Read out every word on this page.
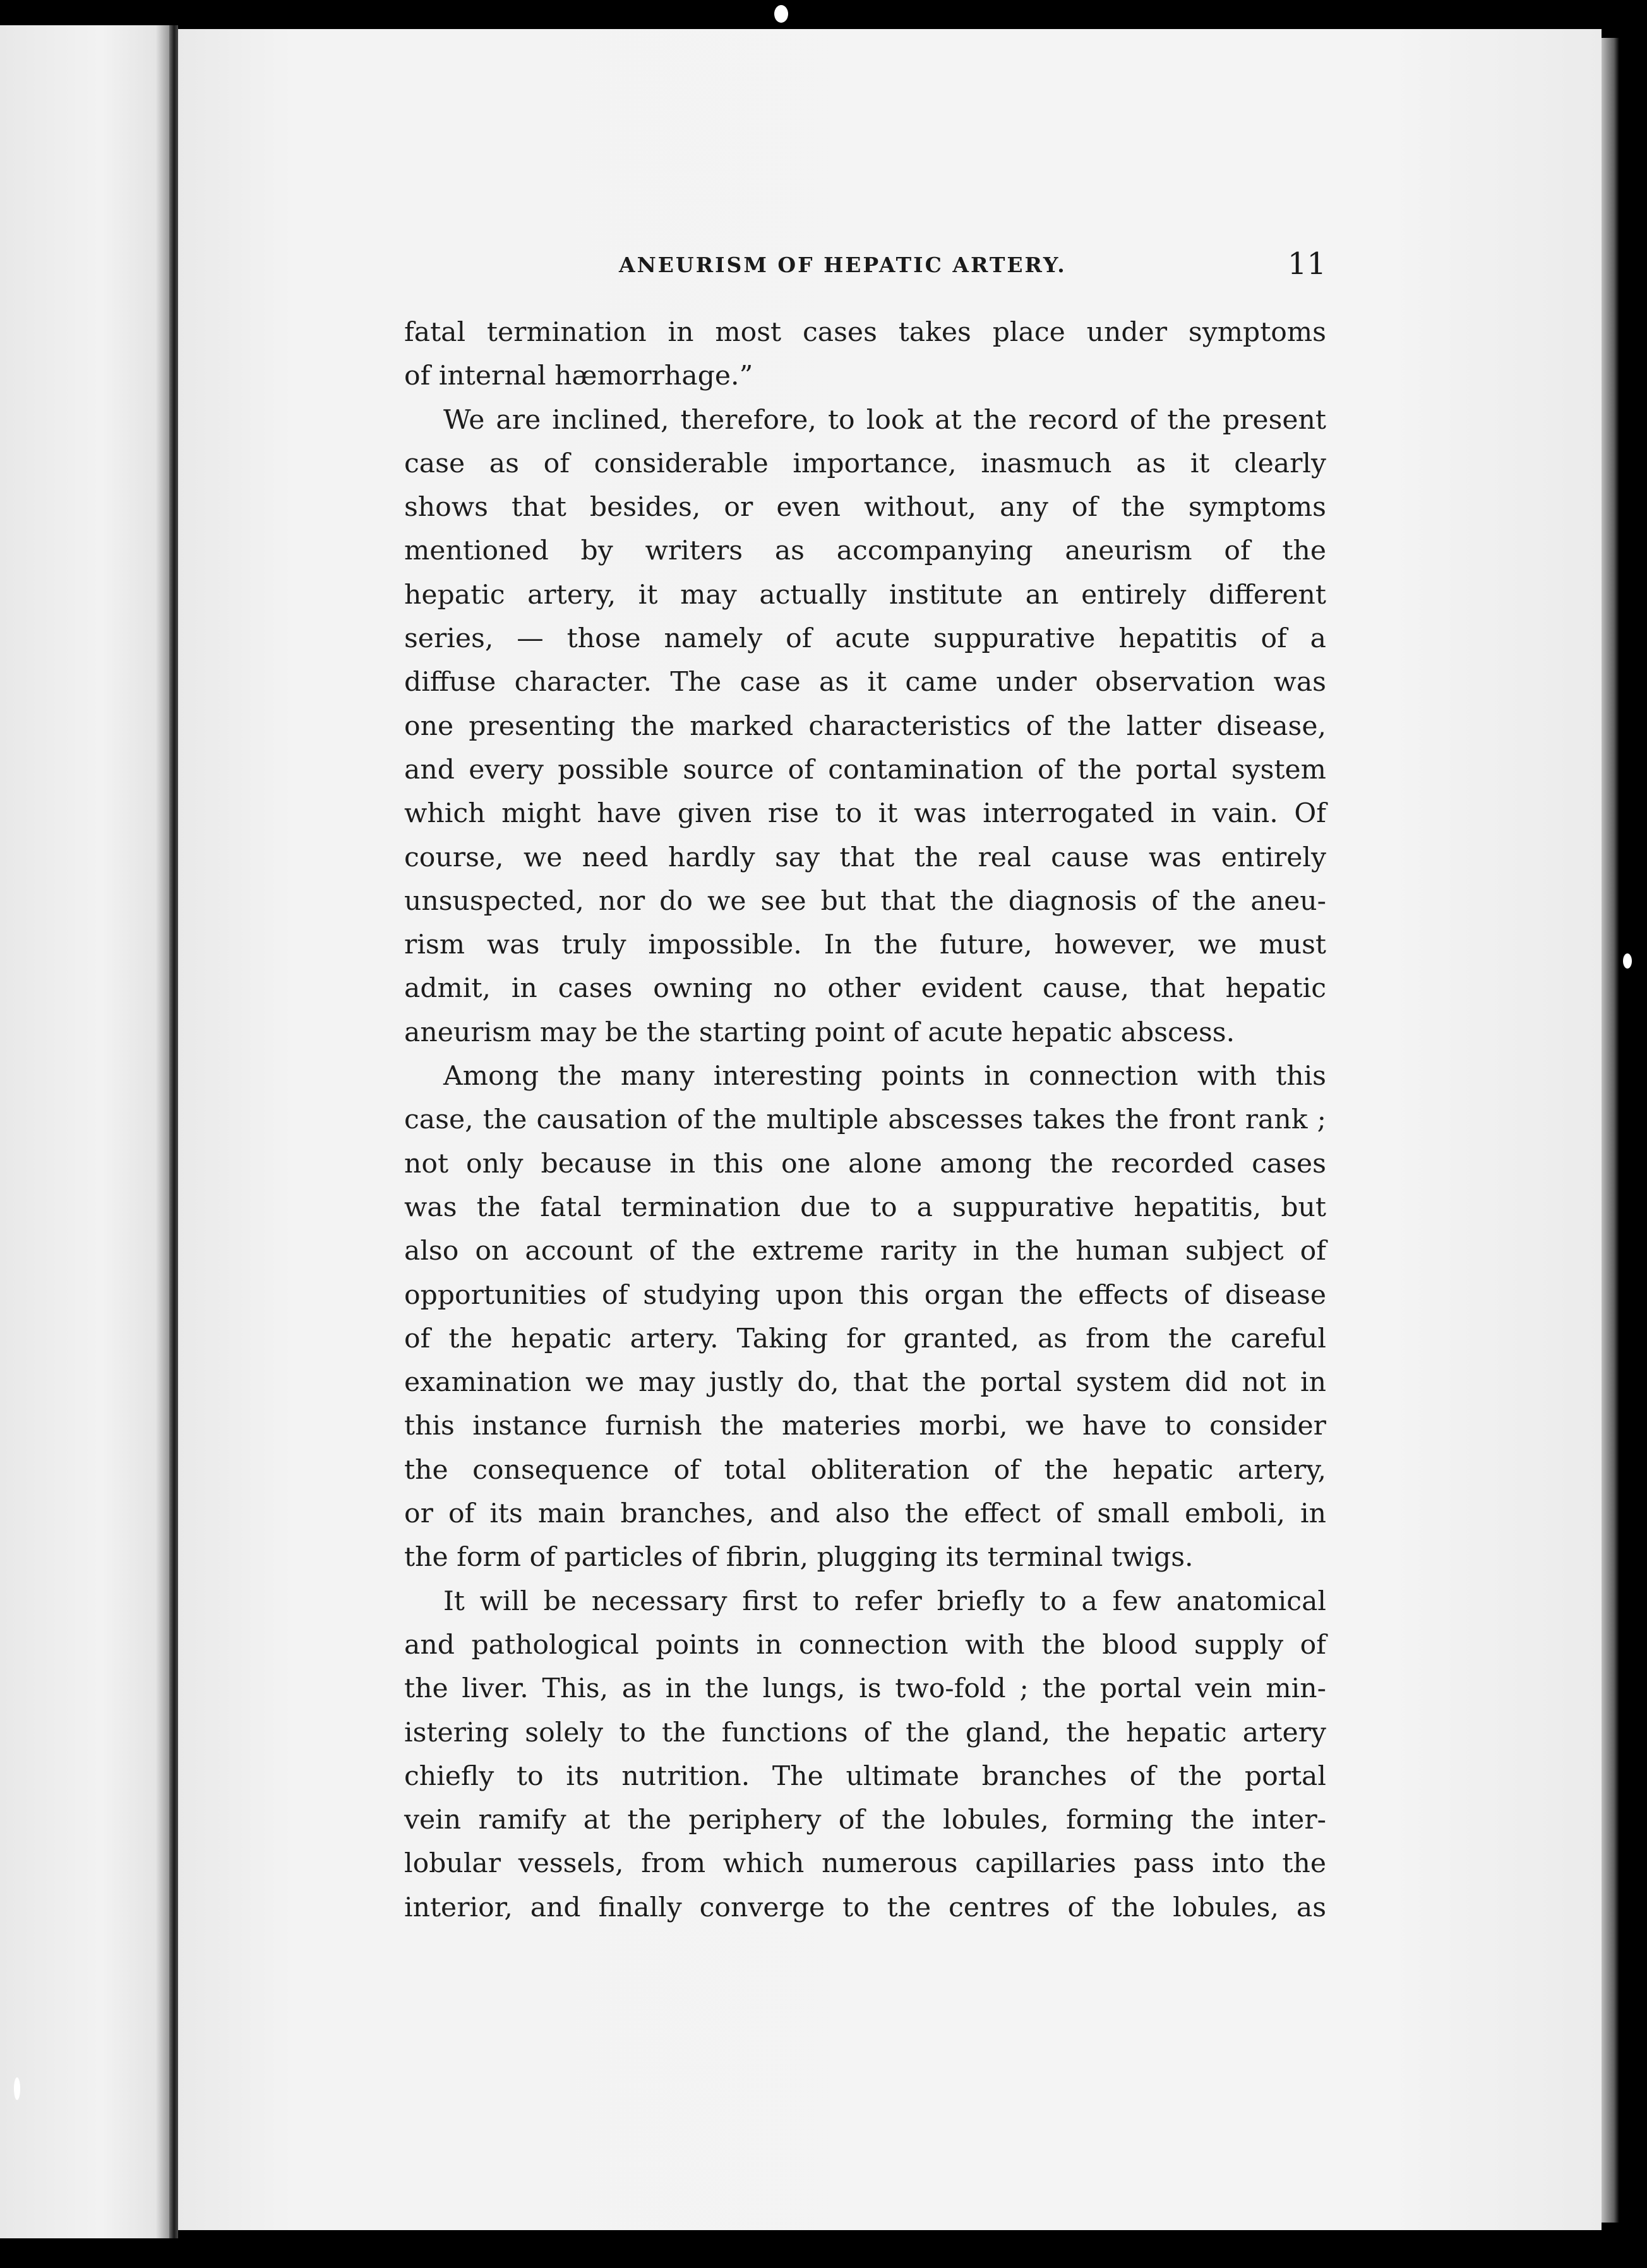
ANEURISM OF HEPATIC ARTERY.	11
fatal termination in most cases takes place under symptoms
of internal hæmorrhage.”
We are inclined, therefore, to look at the record of the present
case as of considerable importance, inasmuch as it clearly
shows that besides, or even without, any of the symptoms
mentioned by writers as accompanying aneurism of the
hepatic artery, it may actually institute an entirely different
series, — those namely of acute suppurative hepatitis of a
diffuse character. The case as it came under observation was
one presenting the marked characteristics of the latter disease,
and every possible source of contamination of the portal system
which might have given rise to it was interrogated in vain. Of
course, we need hardly say that the real cause was entirely
unsuspected, nor do we see but that the diagnosis of the aneu-
rism was truly impossible. In the future, however, we must
admit, in cases owning no other evident cause, that hepatic
aneurism may be the starting point of acute hepatic abscess.
Among the many interesting points in connection with this
case, the causation of the multiple abscesses takes the front rank ;
not only because in this one alone among the recorded cases
was the fatal termination due to a suppurative hepatitis, but
also on account of the extreme rarity in the human subject of
opportunities of studying upon this organ the effects of disease
of the hepatic artery. Taking for granted, as from the careful
examination we may justly do, that the portal system did not in
this instance furnish the materies morbi, we have to consider
the consequence of total obliteration of the hepatic artery,
or of its main branches, and also the effect of small emboli, in
the form of particles of fibrin, plugging its terminal twigs.
It will be necessary first to refer briefly to a few anatomical
and pathological points in connection with the blood supply of
the liver. This, as in the lungs, is two-fold ; the portal vein min-
istering solely to the functions of the gland, the hepatic artery
chiefly to its nutrition. The ultimate branches of the portal
vein ramify at the periphery of the lobules, forming the inter-
lobular vessels, from which numerous capillaries pass into the
interior, and finally converge to the centres of the lobules, as
